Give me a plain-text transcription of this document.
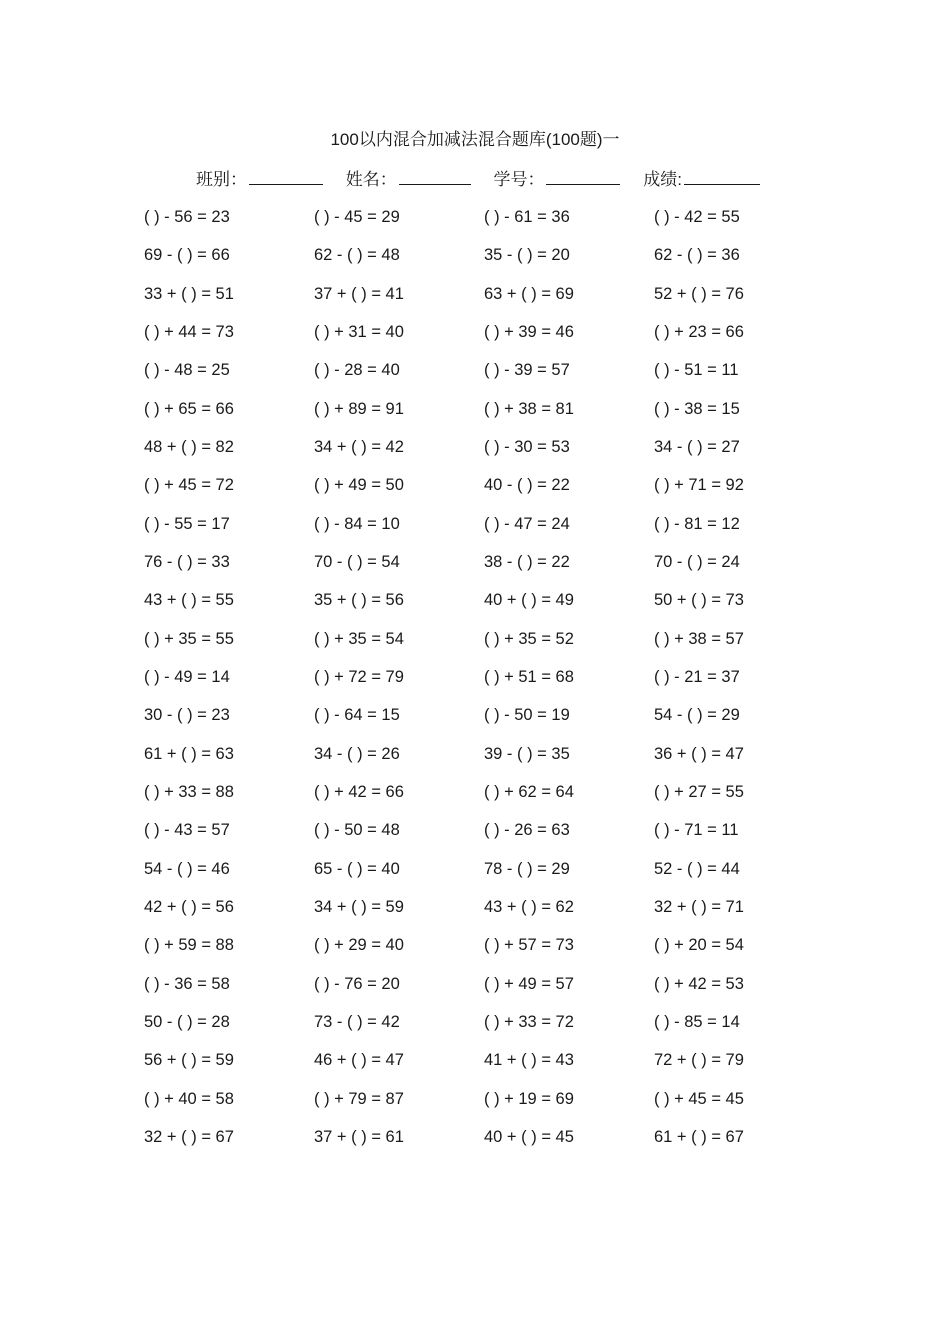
100以内混合加减法混合题库(100题)一
班别：	姓名：	学号：	成绩:
( ) - 56 = 23	( ) - 45 = 29	( ) - 61 = 36	( ) - 42 = 55
69 - ( ) = 66	62 - ( ) = 48	35 - ( ) = 20	62 - ( ) = 36
33 + ( ) = 51	37 + ( ) = 41	63 + ( ) = 69	52 + ( ) = 76
( ) + 44 = 73	( ) + 31 = 40	( ) + 39 = 46	( ) + 23 = 66
( ) - 48 = 25	( ) - 28 = 40	( ) - 39 = 57	( ) - 51 = 11
( ) + 65 = 66	( ) + 89 = 91	( ) + 38 = 81	( ) - 38 = 15
48 + ( ) = 82	34 + ( ) = 42	( ) - 30 = 53	34 - ( ) = 27
( ) + 45 = 72	( ) + 49 = 50	40 - ( ) = 22	( ) + 71 = 92
( ) - 55 = 17	( ) - 84 = 10	( ) - 47 = 24	( ) - 81 = 12
76 - ( ) = 33	70 - ( ) = 54	38 - ( ) = 22	70 - ( ) = 24
43 + ( ) = 55	35 + ( ) = 56	40 + ( ) = 49	50 + ( ) = 73
( ) + 35 = 55	( ) + 35 = 54	( ) + 35 = 52	( ) + 38 = 57
( ) - 49 = 14	( ) + 72 = 79	( ) + 51 = 68	( ) - 21 = 37
30 - ( ) = 23	( ) - 64 = 15	( ) - 50 = 19	54 - ( ) = 29
61 + ( ) = 63	34 - ( ) = 26	39 - ( ) = 35	36 + ( ) = 47
( ) + 33 = 88	( ) + 42 = 66	( ) + 62 = 64	( ) + 27 = 55
( ) - 43 = 57	( ) - 50 = 48	( ) - 26 = 63	( ) - 71 = 11
54 - ( ) = 46	65 - ( ) = 40	78 - ( ) = 29	52 - ( ) = 44
42 + ( ) = 56	34 + ( ) = 59	43 + ( ) = 62	32 + ( ) = 71
( ) + 59 = 88	( ) + 29 = 40	( ) + 57 = 73	( ) + 20 = 54
( ) - 36 = 58	( ) - 76 = 20	( ) + 49 = 57	( ) + 42 = 53
50 - ( ) = 28	73 - ( ) = 42	( ) + 33 = 72	( ) - 85 = 14
56 + ( ) = 59	46 + ( ) = 47	41 + ( ) = 43	72 + ( ) = 79
( ) + 40 = 58	( ) + 79 = 87	( ) + 19 = 69	( ) + 45 = 45
32 + ( ) = 67	37 + ( ) = 61	40 + ( ) = 45	61 + ( ) = 67
